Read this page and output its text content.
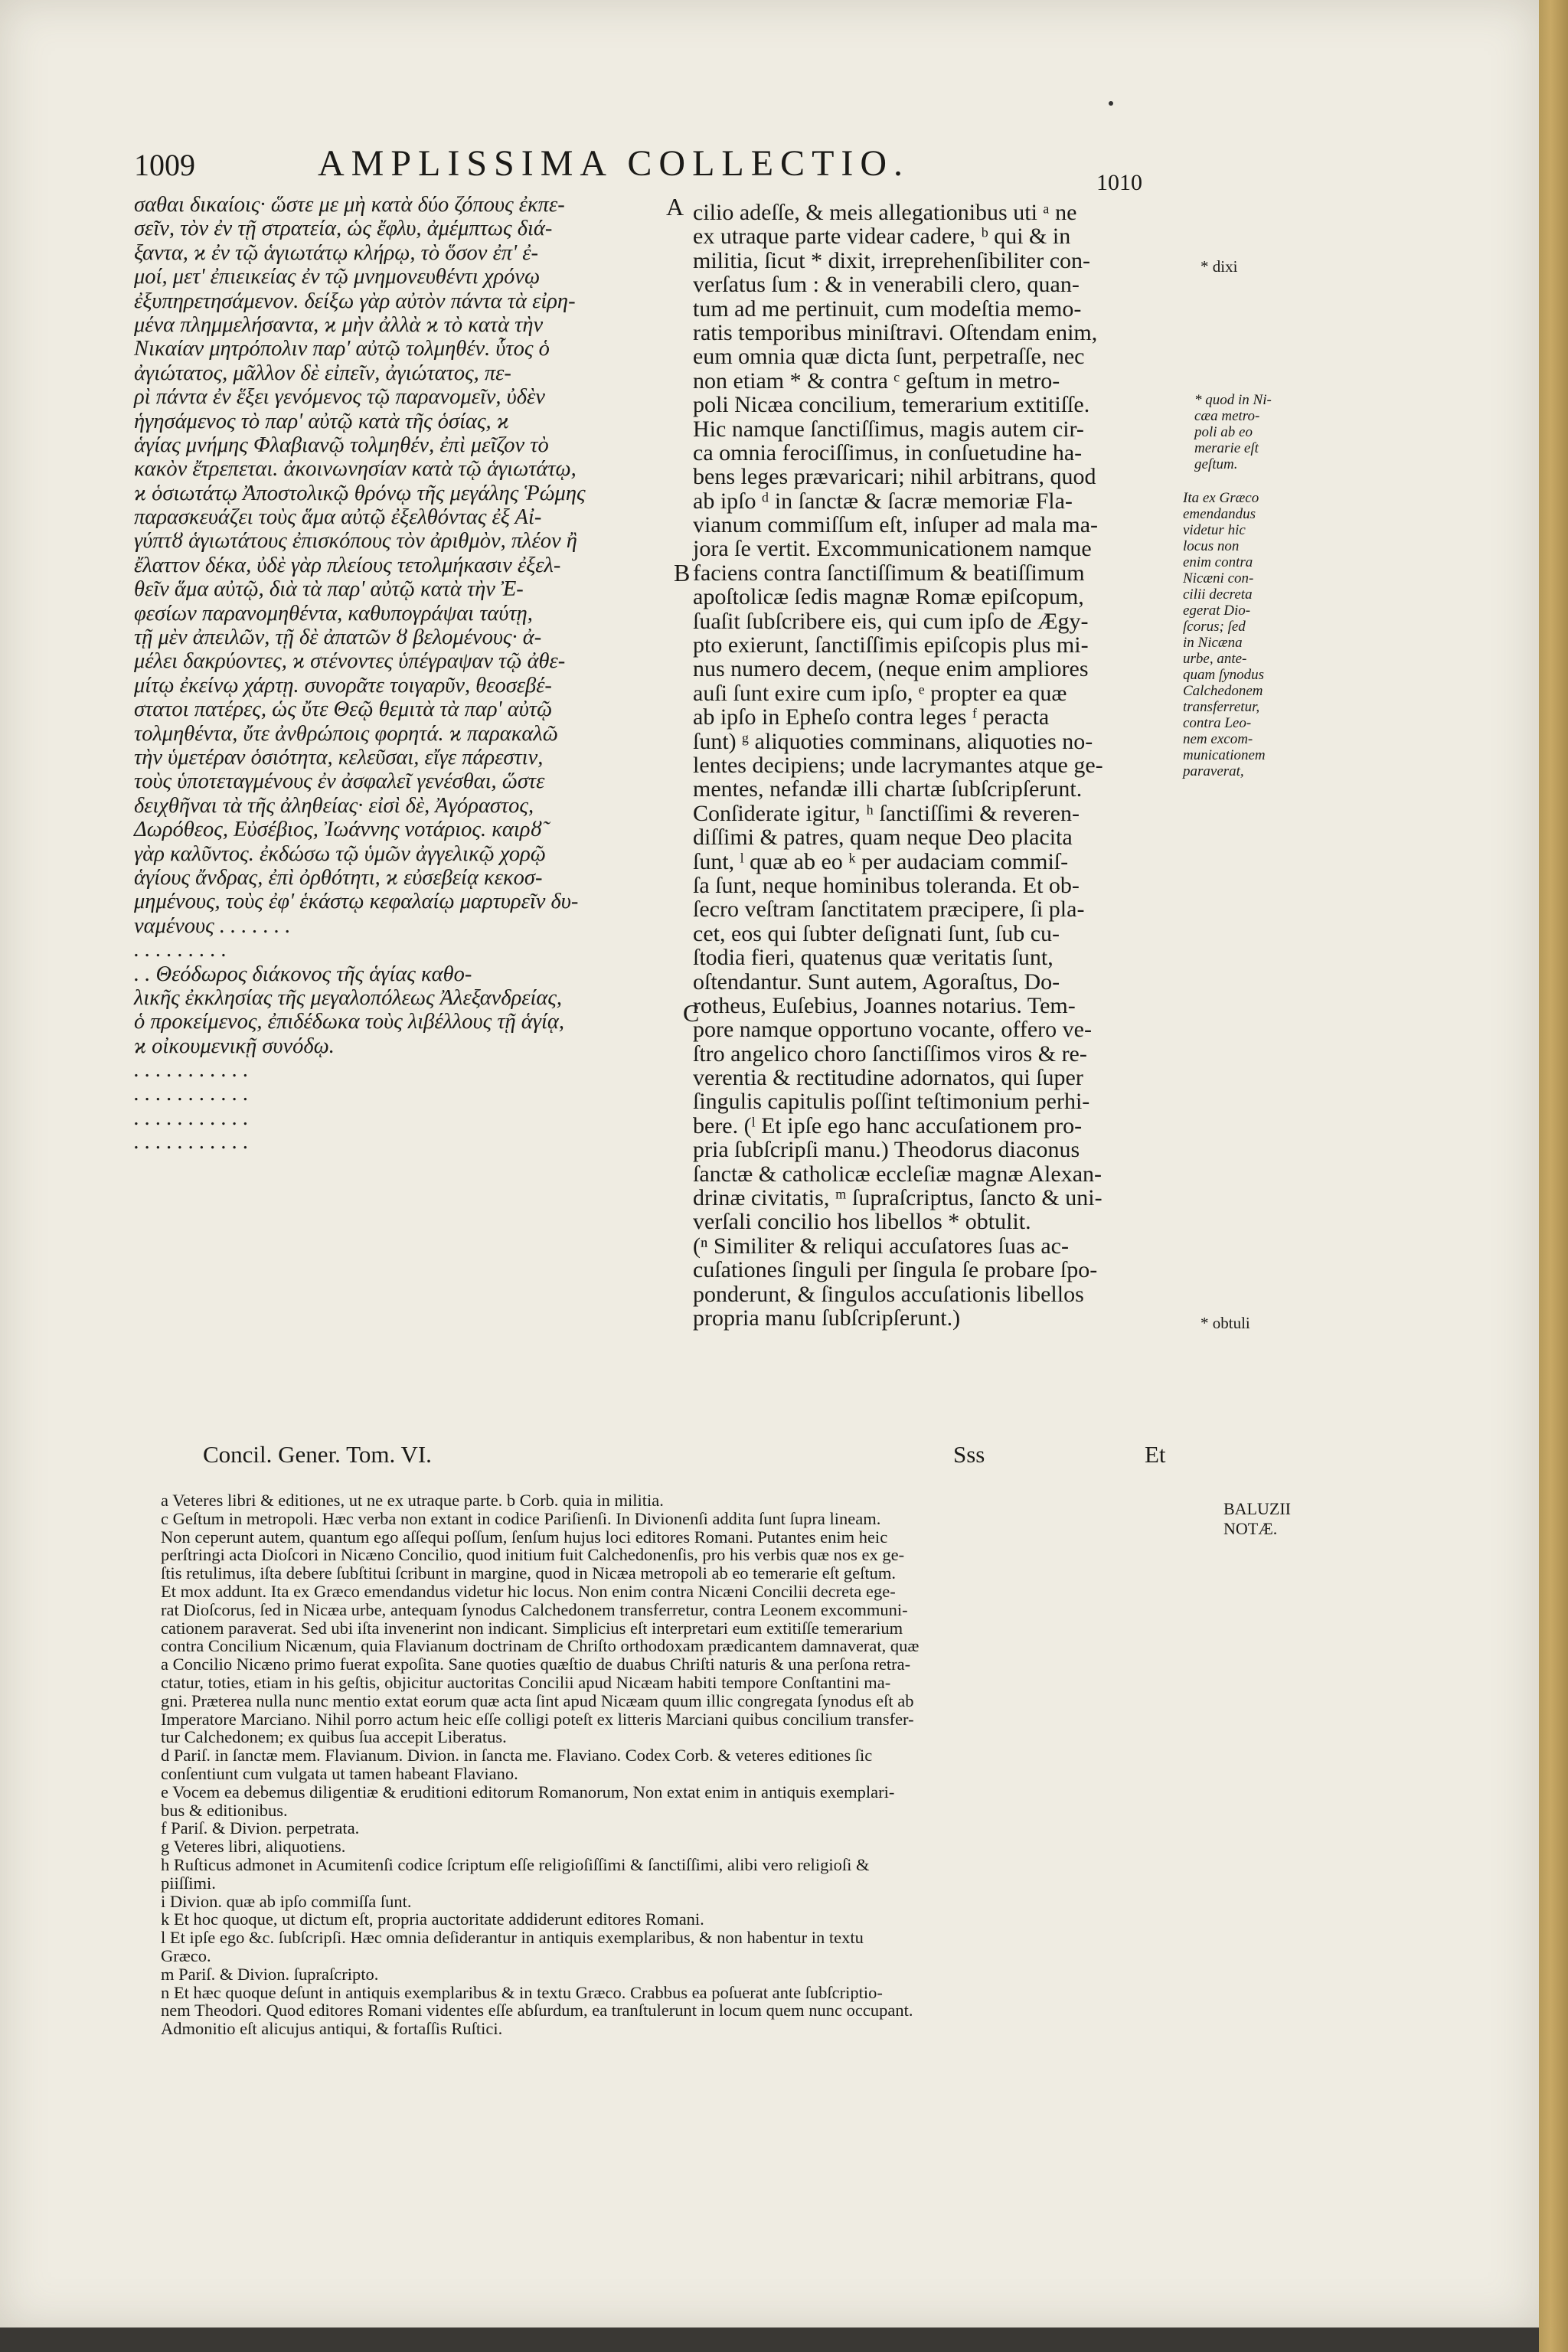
1009	AMPLISSIMA COLLECTIO.	1010
σαθαι δικαίοις· ὥστε με μὴ κατὰ δύο ζόπους ἐκπε-
σεῖν, τὸν ἐν τῇ στρατεία, ὡς ἔφλυ, ἀμέμπτως διά-
ξαντα, ϰ ἐν τῷ ἁγιωτάτῳ κλήρῳ, τὸ ὅσον ἐπ' ἐ-
μοί, μετ' ἐπιεικείας ἐν τῷ μνημονευθέντι χρόνῳ
ἐξυπηρετησάμενον. δείξω γὰρ αὐτὸν πάντα τὰ εἰρη-
μένα πλημμελήσαντα, ϰ μὴν ἀλλὰ ϰ τὸ κατὰ τὴν
Νικαίαν μητρόπολιν παρ' αὐτῷ τολμηθέν. ὗτος ὁ
ἀγιώτατος, μᾶλλον δὲ εἰπεῖν, ἀγιώτατος, πε-
ρὶ πάντα ἐν ἕξει γενόμενος τῷ παρανομεῖν, ὐδὲν
ἡγησάμενος τὸ παρ' αὐτῷ κατὰ τῆς ὁσίας, ϰ
ἁγίας μνήμης Φλαβιανῷ τολμηθέν, ἐπὶ μεῖζον τὸ
κακὸν ἔτρεπεται. ἀκοινωνησίαν κατὰ τῷ ἁγιωτάτῳ,
ϰ ὁσιωτάτῳ Ἀποστολικῷ θρόνῳ τῆς μεγάλης Ῥώμης
παρασκευάζει τοὺς ἅμα αὐτῷ ἐξελθόντας ἐξ Αἰ-
γύπτȣ ἁγιωτάτους ἐπισκόπους τὸν ἀριθμὸν, πλέον ἢ
ἔλαττον δέκα, ὐδὲ γὰρ πλείους τετολμήκασιν ἐξελ-
θεῖν ἅμα αὐτῷ, διὰ τὰ παρ' αὐτῷ κατὰ τὴν Ἐ-
φεσίων παρανομηθέντα, καθυπογράψαι ταύτῃ,
τῇ μὲν ἀπειλῶν, τῇ δὲ ἀπατῶν ȣ βελομένους· ἀ-
μέλει δακρύοντες, ϰ στένοντες ὑπέγραψαν τῷ ἀθε-
μίτῳ ἐκείνῳ χάρτῃ. συνορᾶτε τοιγαρῦν, θεοσεβέ-
στατοι πατέρες, ὡς ὔτε Θεῷ θεμιτὰ τὰ παρ' αὐτῷ
τολμηθέντα, ὔτε ἀνθρώποις φορητά. ϰ παρακαλῶ
τὴν ὑμετέραν ὁσιότητα, κελεῦσαι, εἴγε πάρεστιν,
τοὺς ὑποτεταγμένους ἐν ἀσφαλεῖ γενέσθαι, ὥστε
δειχθῆναι τὰ τῆς ἀληθείας· εἰσὶ δὲ, Ἀγόραστος,
Δωρόθεος, Εὐσέβιος, Ἰωάννης νοτάριος. καιρȣ̃
γὰρ καλῦντος. ἐκδώσω τῷ ὑμῶν ἀγγελικῷ χορῷ
ἁγίους ἄνδρας, ἐπὶ ὀρθότητι, ϰ εὐσεβείᾳ κεκοσ-
μημένους, τοὺς ἐφ' ἑκάστῳ κεφαλαίῳ μαρτυρεῖν δυ-
ναμένους . . . . . . .
. . . . . . . . .
. . Θεόδωρος διάκονος τῆς ἁγίας καθο-
λικῆς ἐκκλησίας τῆς μεγαλοπόλεως Ἀλεξανδρείας,
ὁ προκείμενος, ἐπιδέδωκα τοὺς λιβέλλους τῇ ἁγίᾳ,
ϰ οἰκουμενικῇ συνόδῳ.
. . . . . . . . . . .
. . . . . . . . . . .
. . . . . . . . . . .
. . . . . . . . . . .
cilio adeſſe, & meis allegationibus uti ᵃ ne
ex utraque parte videar cadere, ᵇ qui & in
militia, ſicut * dixit, irreprehenſibiliter con-
verſatus ſum : & in venerabili clero, quan-
tum ad me pertinuit, cum modeſtia memo-
ratis temporibus miniſtravi. Oſtendam enim,
eum omnia quæ dicta ſunt, perpetraſſe, nec
non etiam * & contra ᶜ geſtum in metro-
poli Nicæa concilium, temerarium extitiſſe.
Hic namque ſanctiſſimus, magis autem cir-
ca omnia ferociſſimus, in conſuetudine ha-
bens leges prævaricari; nihil arbitrans, quod
ab ipſo ᵈ in ſanctæ & ſacræ memoriæ Fla-
vianum commiſſum eſt, inſuper ad mala ma-
jora ſe vertit. Excommunicationem namque
faciens contra ſanctiſſimum & beatiſſimum
apoſtolicæ ſedis magnæ Romæ epiſcopum,
ſuaſit ſubſcribere eis, qui cum ipſo de Ægy-
pto exierunt, ſanctiſſimis epiſcopis plus mi-
nus numero decem, (neque enim ampliores
auſi ſunt exire cum ipſo, ᵉ propter ea quæ
ab ipſo in Epheſo contra leges ᶠ peracta
ſunt) ᵍ aliquoties comminans, aliquoties no-
lentes decipiens; unde lacrymantes atque ge-
mentes, nefandæ illi chartæ ſubſcripſerunt.
Conſiderate igitur, ʰ ſanctiſſimi & reveren-
diſſimi & patres, quam neque Deo placita
ſunt, ˡ quæ ab eo ᵏ per audaciam commiſ-
ſa ſunt, neque hominibus toleranda. Et ob-
ſecro veſtram ſanctitatem præcipere, ſi pla-
cet, eos qui ſubter deſignati ſunt, ſub cu-
ſtodia fieri, quatenus quæ veritatis ſunt,
oſtendantur. Sunt autem, Agoraſtus, Do-
rotheus, Euſebius, Joannes notarius. Tem-
pore namque opportuno vocante, offero ve-
ſtro angelico choro ſanctiſſimos viros & re-
verentia & rectitudine adornatos, qui ſuper
ſingulis capitulis poſſint teſtimonium perhi-
bere. (ˡ Et ipſe ego hanc accuſationem pro-
pria ſubſcripſi manu.) Theodorus diaconus
ſanctæ & catholicæ eccleſiæ magnæ Alexan-
drinæ civitatis, ᵐ ſupraſcriptus, ſancto & uni-
verſali concilio hos libellos * obtulit.
(ⁿ Similiter & reliqui accuſatores ſuas ac-
cuſationes ſinguli per ſingula ſe probare ſpo-
ponderunt, & ſingulos accuſationis libellos
propria manu ſubſcripſerunt.)
A
B
C
* dixi
* quod in Ni-
cæa metro-
poli ab eo
merarie eſt
geſtum.
Ita ex Græco
emendandus
videtur hic
locus non
enim contra
Nicæni con-
cilii decreta
egerat Dio-
ſcorus; ſed
in Nicæna
urbe, ante-
quam ſynodus
Calchedonem
transferretur,
contra Leo-
nem excom-
municationem
paraverat,
* obtuli
Concil. Gener. Tom. VI.	Sss	Et
BALUZII
NOTÆ.
a Veteres libri & editiones, ut ne ex utraque parte. b Corb. quia in militia.
c Geſtum in metropoli. Hæc verba non extant in codice Pariſienſi. In Divionenſi addita ſunt ſupra lineam.
Non ceperunt autem, quantum ego aſſequi poſſum, ſenſum hujus loci editores Romani. Putantes enim heic
perſtringi acta Dioſcori in Nicæno Concilio, quod initium fuit Calchedonenſis, pro his verbis quæ nos ex ge-
ſtis retulimus, iſta debere ſubſtitui ſcribunt in margine, quod in Nicæa metropoli ab eo temerarie eſt geſtum.
Et mox addunt. Ita ex Græco emendandus videtur hic locus. Non enim contra Nicæni Concilii decreta ege-
rat Dioſcorus, ſed in Nicæa urbe, antequam ſynodus Calchedonem transferretur, contra Leonem excommuni-
cationem paraverat. Sed ubi iſta invenerint non indicant. Simplicius eſt interpretari eum extitiſſe temerarium
contra Concilium Nicænum, quia Flavianum doctrinam de Chriſto orthodoxam prædicantem damnaverat, quæ
a Concilio Nicæno primo fuerat expoſita. Sane quoties quæſtio de duabus Chriſti naturis & una perſona retra-
ctatur, toties, etiam in his geſtis, objicitur auctoritas Concilii apud Nicæam habiti tempore Conſtantini ma-
gni. Præterea nulla nunc mentio extat eorum quæ acta ſint apud Nicæam quum illic congregata ſynodus eſt ab
Imperatore Marciano. Nihil porro actum heic eſſe colligi poteſt ex litteris Marciani quibus concilium transfer-
tur Calchedonem; ex quibus ſua accepit Liberatus.
d Pariſ. in ſanctæ mem. Flavianum. Divion. in ſancta me. Flaviano. Codex Corb. & veteres editiones ſic
conſentiunt cum vulgata ut tamen habeant Flaviano.
e Vocem ea debemus diligentiæ & eruditioni editorum Romanorum, Non extat enim in antiquis exemplari-
bus & editionibus.
f Pariſ. & Divion. perpetrata.
g Veteres libri, aliquotiens.
h Ruſticus admonet in Acumitenſi codice ſcriptum eſſe religioſiſſimi & ſanctiſſimi, alibi vero religioſi &
piiſſimi.
i Divion. quæ ab ipſo commiſſa ſunt.
k Et hoc quoque, ut dictum eſt, propria auctoritate addiderunt editores Romani.
l Et ipſe ego &c. ſubſcripſi. Hæc omnia deſiderantur in antiquis exemplaribus, & non habentur in textu
Græco.
m Pariſ. & Divion. ſupraſcripto.
n Et hæc quoque deſunt in antiquis exemplaribus & in textu Græco. Crabbus ea poſuerat ante ſubſcriptio-
nem Theodori. Quod editores Romani videntes eſſe abſurdum, ea tranſtulerunt in locum quem nunc occupant.
Admonitio eſt alicujus antiqui, & fortaſſis Ruſtici.
